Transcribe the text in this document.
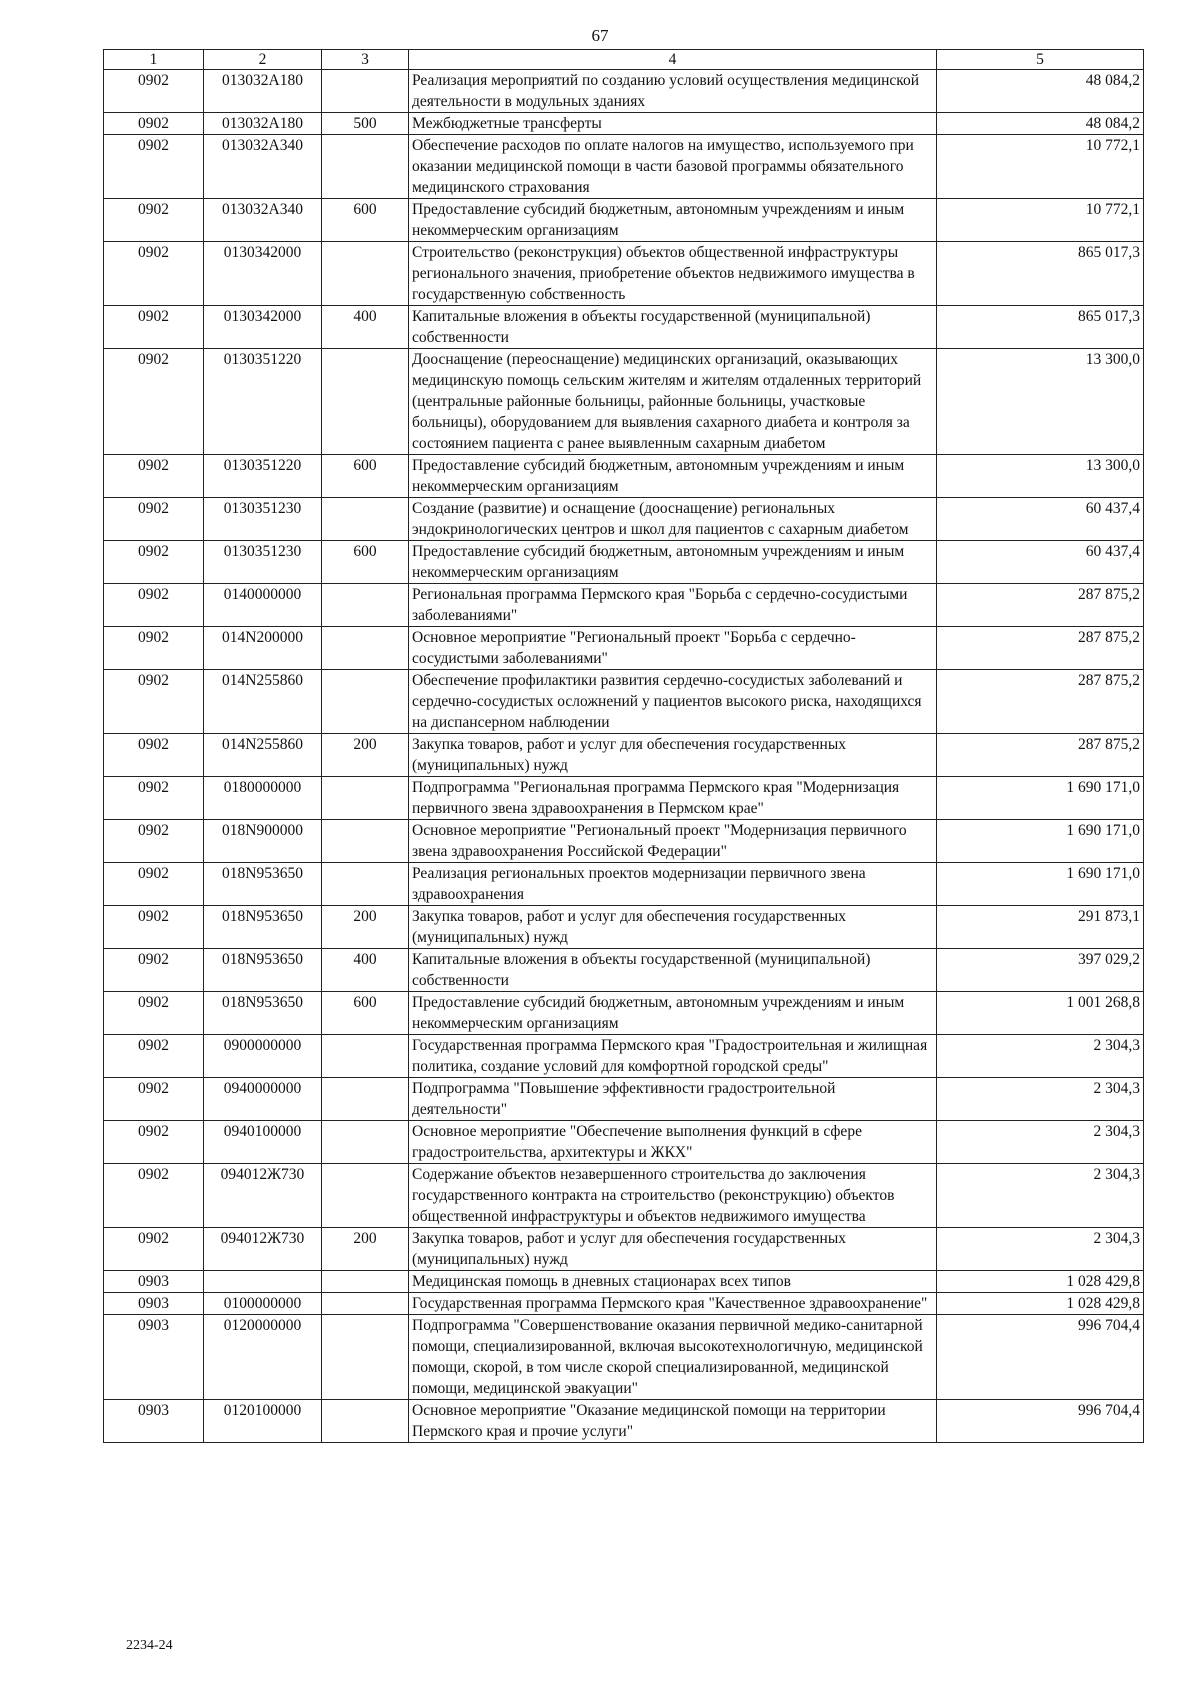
67
1	2	3	4	5
0902	013032А180		Реализация мероприятий по созданию условий осуществления медицинской деятельности в модульных зданиях	48 084,2
0902	013032А180	500	Межбюджетные трансферты	48 084,2
0902	013032А340		Обеспечение расходов по оплате налогов на имущество, используемого при оказании медицинской помощи в части базовой программы обязательного медицинского страхования	10 772,1
0902	013032А340	600	Предоставление субсидий бюджетным, автономным учреждениям и иным некоммерческим организациям	10 772,1
0902	0130342000		Строительство (реконструкция) объектов общественной инфраструктуры регионального значения, приобретение объектов недвижимого имущества в государственную собственность	865 017,3
0902	0130342000	400	Капитальные вложения в объекты государственной (муниципальной) собственности	865 017,3
0902	0130351220		Дооснащение (переоснащение) медицинских организаций, оказывающих медицинскую помощь сельским жителям и жителям отдаленных территорий (центральные районные больницы, районные больницы, участковые больницы), оборудованием для выявления сахарного диабета и контроля за состоянием пациента с ранее выявленным сахарным диабетом	13 300,0
0902	0130351220	600	Предоставление субсидий бюджетным, автономным учреждениям и иным некоммерческим организациям	13 300,0
0902	0130351230		Создание (развитие) и оснащение (дооснащение) региональных эндокринологических центров и школ для пациентов с сахарным диабетом	60 437,4
0902	0130351230	600	Предоставление субсидий бюджетным, автономным учреждениям и иным некоммерческим организациям	60 437,4
0902	0140000000		Региональная программа Пермского края "Борьба с сердечно-сосудистыми заболеваниями"	287 875,2
0902	014N200000		Основное мероприятие "Региональный проект "Борьба с сердечно-сосудистыми заболеваниями"	287 875,2
0902	014N255860		Обеспечение профилактики развития сердечно-сосудистых заболеваний и сердечно-сосудистых осложнений у пациентов высокого риска, находящихся на диспансерном наблюдении	287 875,2
0902	014N255860	200	Закупка товаров, работ и услуг для обеспечения государственных (муниципальных) нужд	287 875,2
0902	0180000000		Подпрограмма "Региональная программа Пермского края "Модернизация первичного звена здравоохранения в Пермском крае"	1 690 171,0
0902	018N900000		Основное мероприятие "Региональный проект "Модернизация первичного звена здравоохранения Российской Федерации"	1 690 171,0
0902	018N953650		Реализация региональных проектов модернизации первичного звена здравоохранения	1 690 171,0
0902	018N953650	200	Закупка товаров, работ и услуг для обеспечения государственных (муниципальных) нужд	291 873,1
0902	018N953650	400	Капитальные вложения в объекты государственной (муниципальной) собственности	397 029,2
0902	018N953650	600	Предоставление субсидий бюджетным, автономным учреждениям и иным некоммерческим организациям	1 001 268,8
0902	0900000000		Государственная программа Пермского края "Градостроительная и жилищная политика, создание условий для комфортной городской среды"	2 304,3
0902	0940000000		Подпрограмма "Повышение эффективности градостроительной деятельности"	2 304,3
0902	0940100000		Основное мероприятие "Обеспечение выполнения функций в сфере градостроительства, архитектуры и ЖКХ"	2 304,3
0902	094012Ж730		Содержание объектов незавершенного строительства до заключения государственного контракта на строительство (реконструкцию) объектов общественной инфраструктуры и объектов недвижимого имущества	2 304,3
0902	094012Ж730	200	Закупка товаров, работ и услуг для обеспечения государственных (муниципальных) нужд	2 304,3
0903			Медицинская помощь в дневных стационарах всех типов	1 028 429,8
0903	0100000000		Государственная программа Пермского края "Качественное здравоохранение"	1 028 429,8
0903	0120000000		Подпрограмма "Совершенствование оказания первичной медико-санитарной помощи, специализированной, включая высокотехнологичную, медицинской помощи, скорой, в том числе скорой специализированной, медицинской помощи, медицинской эвакуации"	996 704,4
0903	0120100000		Основное мероприятие "Оказание медицинской помощи на территории Пермского края и прочие услуги"	996 704,4
2234-24
